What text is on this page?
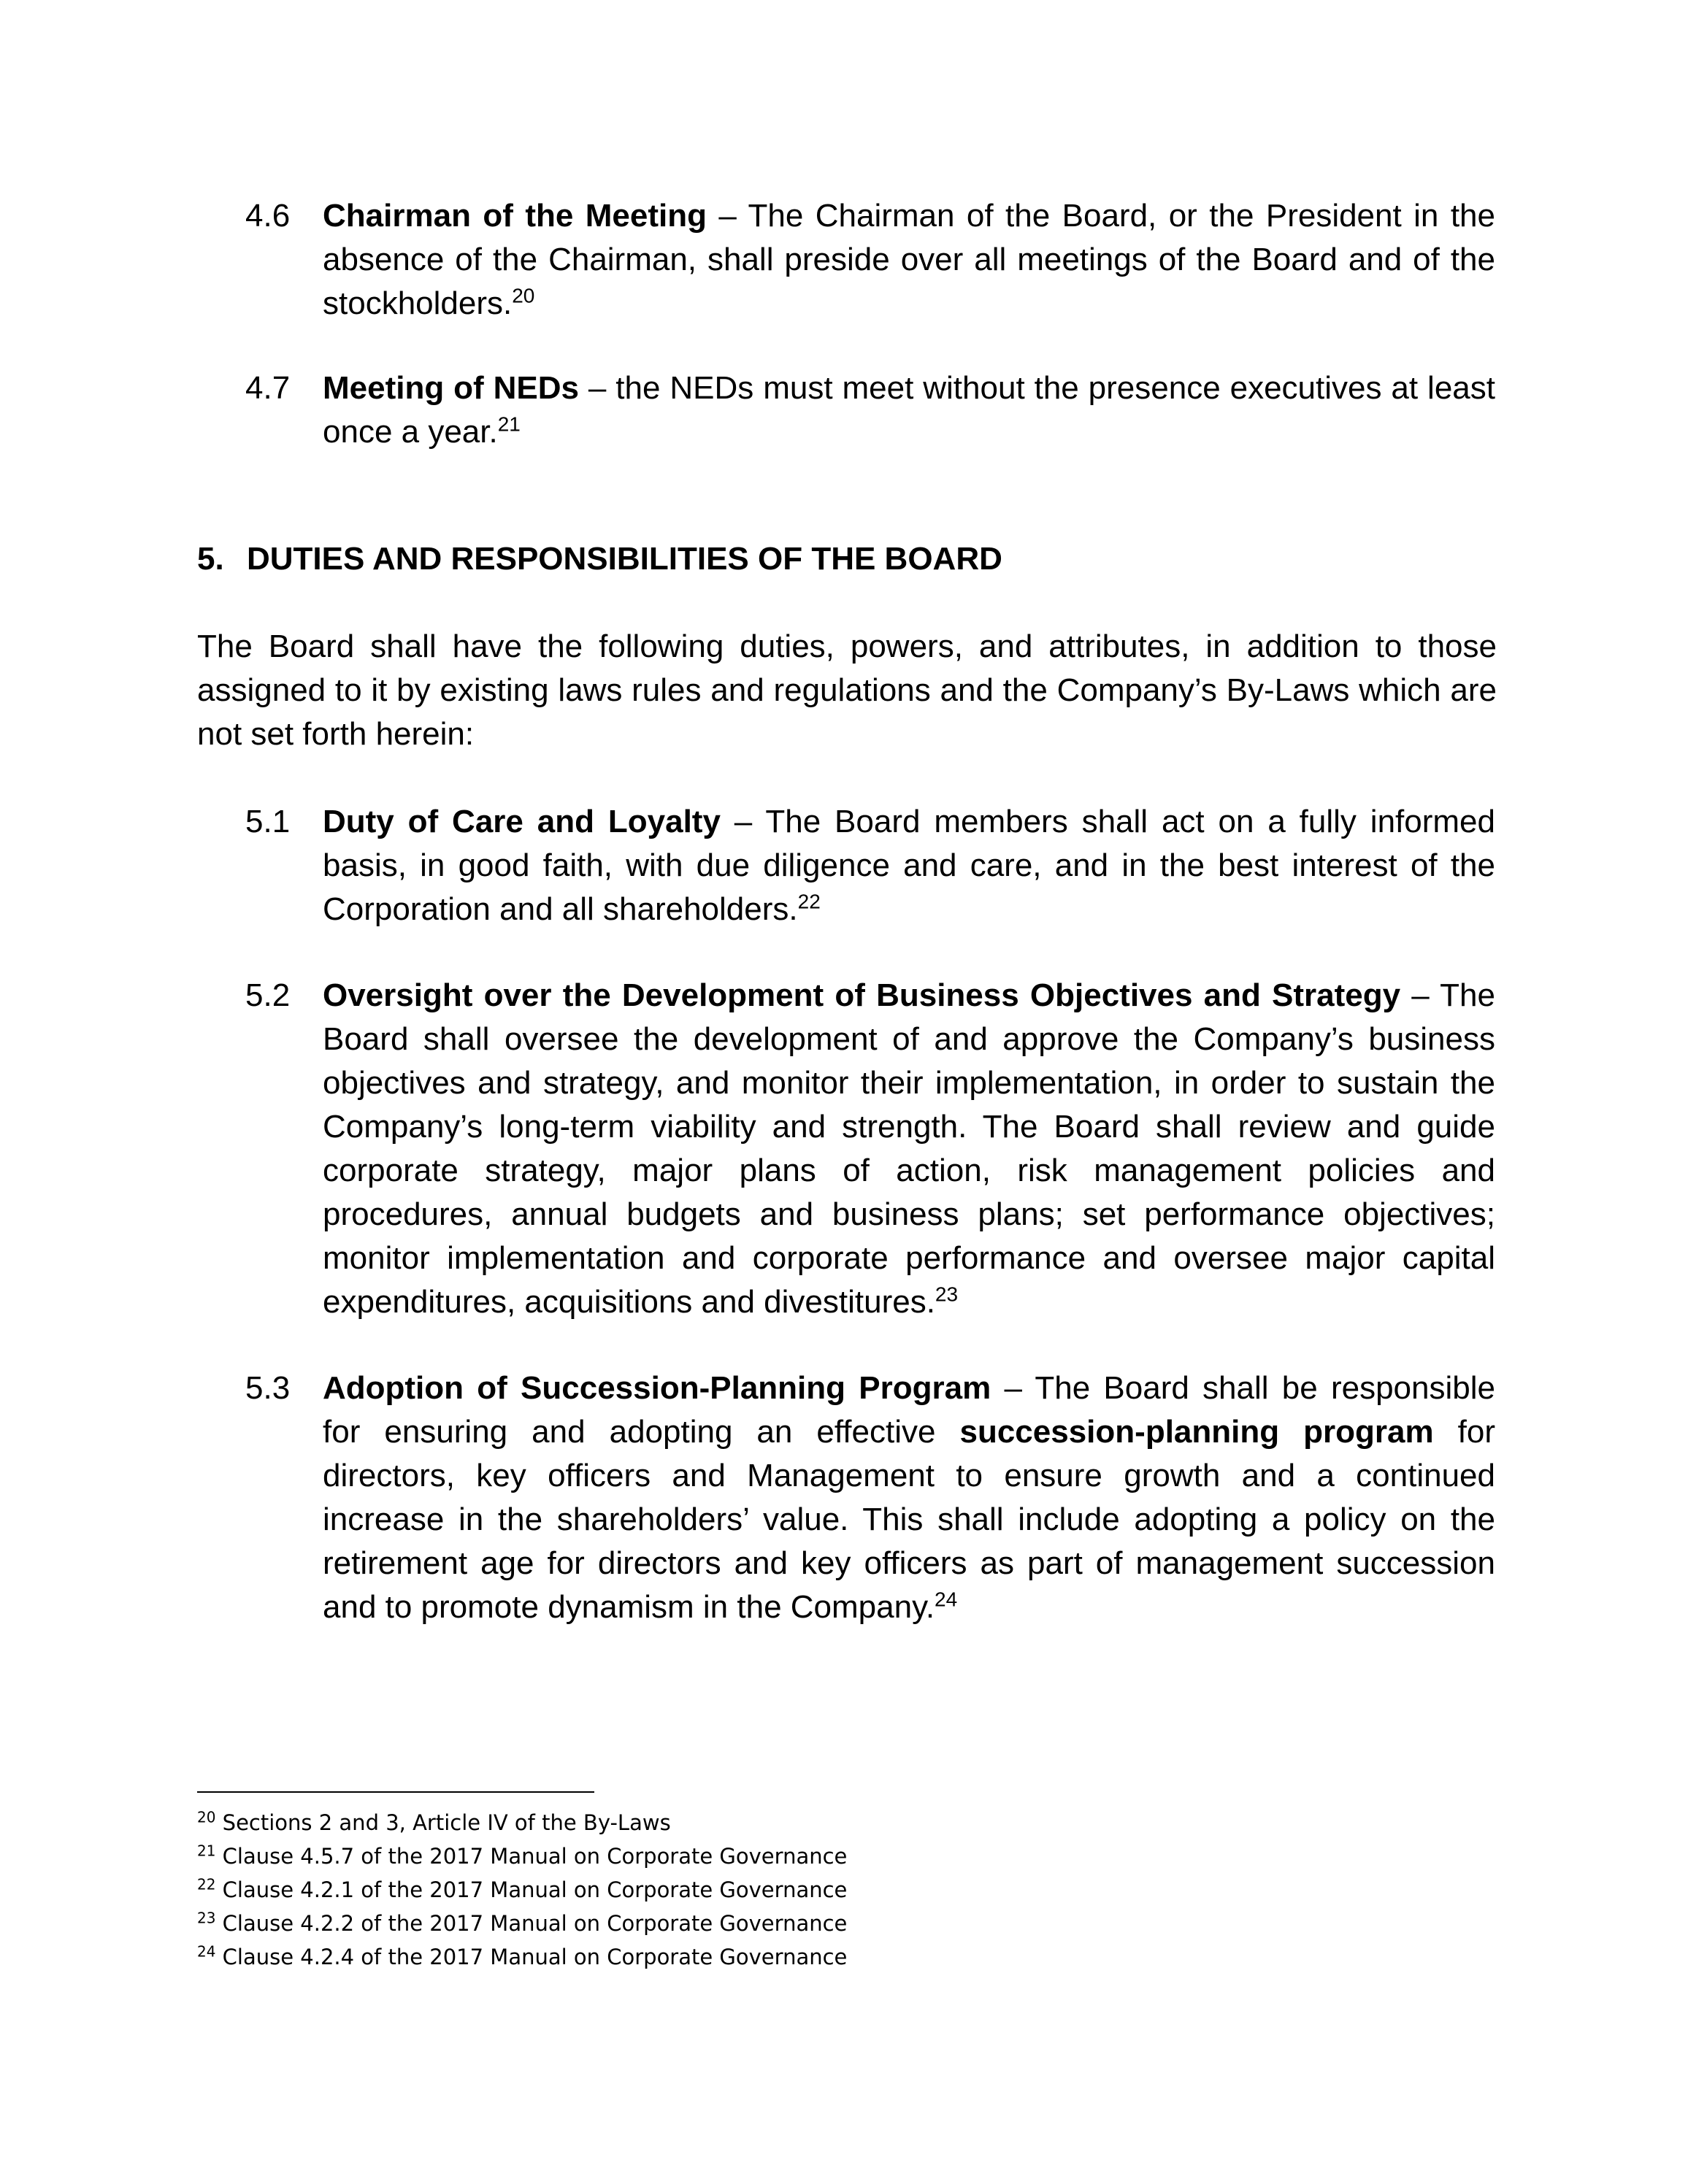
4.6	Chairman of the Meeting – The Chairman of the Board, or the President in the absence of the Chairman, shall preside over all meetings of the Board and of the stockholders.$^{20}$
4.7	Meeting of NEDs – the NEDs must meet without the presence executives at least once a year.$^{21}$
5. DUTIES AND RESPONSIBILITIES OF THE BOARD
The Board shall have the following duties, powers, and attributes, in addition to those assigned to it by existing laws rules and regulations and the Company’s By-Laws which are not set forth herein:
5.1	Duty of Care and Loyalty – The Board members shall act on a fully informed basis, in good faith, with due diligence and care, and in the best interest of the Corporation and all shareholders.$^{22}$
5.2	Oversight over the Development of Business Objectives and Strategy – The Board shall oversee the development of and approve the Company’s business objectives and strategy, and monitor their implementation, in order to sustain the Company’s long-term viability and strength. The Board shall review and guide corporate strategy, major plans of action, risk management policies and procedures, annual budgets and business plans; set performance objectives; monitor implementation and corporate performance and oversee major capital expenditures, acquisitions and divestitures.$^{23}$
5.3	Adoption of Succession-Planning Program – The Board shall be responsible for ensuring and adopting an effective succession-planning program for directors, key officers and Management to ensure growth and a continued increase in the shareholders’ value. This shall include adopting a policy on the retirement age for directors and key officers as part of management succession and to promote dynamism in the Company.$^{24}$
$^{20}$ Sections 2 and 3, Article IV of the By-Laws
$^{21}$ Clause 4.5.7 of the 2017 Manual on Corporate Governance
$^{22}$ Clause 4.2.1 of the 2017 Manual on Corporate Governance
$^{23}$ Clause 4.2.2 of the 2017 Manual on Corporate Governance
$^{24}$ Clause 4.2.4 of the 2017 Manual on Corporate Governance
